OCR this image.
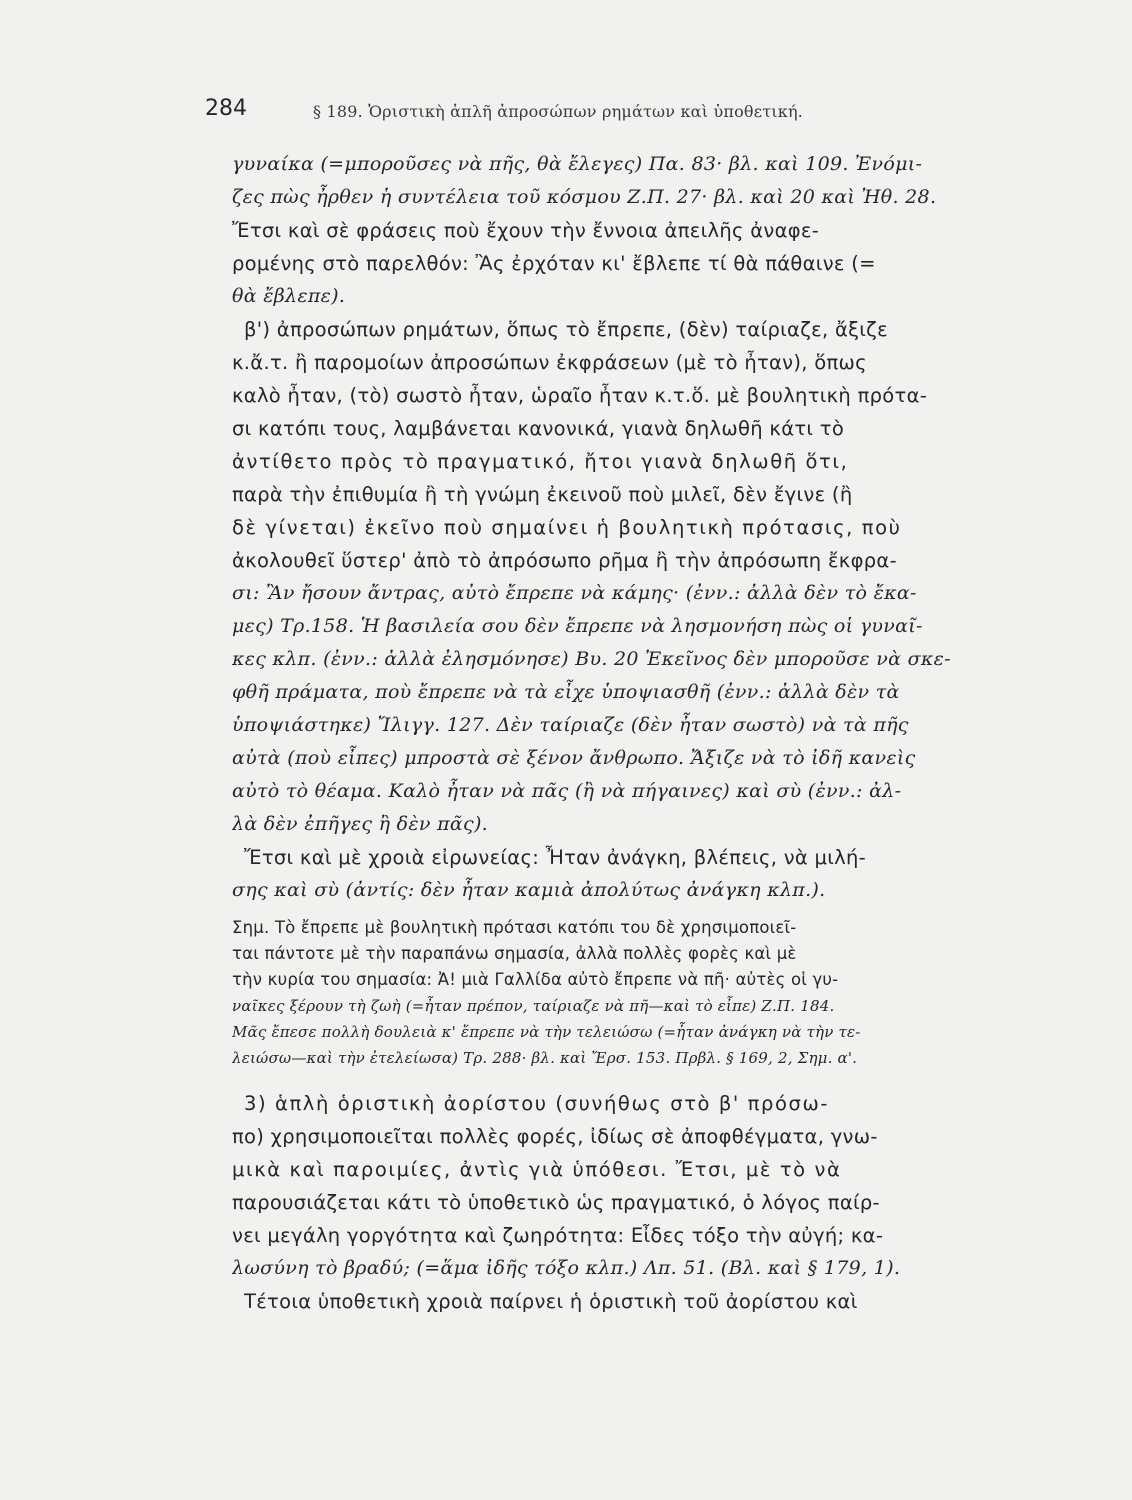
284	§ 189. Ὁριστικὴ ἁπλῆ ἀπροσώπων ρημάτων καὶ ὑποθετική.
γυναίκα (=μποροῦσες νὰ πῆς, θὰ ἔλεγες) Πα. 83· βλ. καὶ 109. Ἐνόμι-
ζες πὼς ἦρθεν ἡ συντέλεια τοῦ κόσμου Ζ.Π. 27· βλ. καὶ 20 καὶ Ἠθ. 28.
Ἔτσι καὶ σὲ φράσεις ποὺ ἔχουν τὴν ἔννοια ἀπειλῆς ἀναφε-
ρομένης στὸ παρελθόν: Ἂς ἐρχόταν κι' ἔβλεπε τί θὰ πάθαινε (=
θὰ ἔβλεπε).
β') ἀπροσώπων ρημάτων, ὅπως τὸ ἔπρεπε, (δὲν) ταίριαζε, ἄξιζε
κ.ἄ.τ. ἢ παρομοίων ἀπροσώπων ἐκφράσεων (μὲ τὸ ἦταν), ὅπως
καλὸ ἦταν, (τὸ) σωστὸ ἦταν, ὡραῖο ἦταν κ.τ.ὅ. μὲ βουλητικὴ πρότα-
σι κατόπι τους, λαμβάνεται κανονικά, γιανὰ δηλωθῆ κάτι τὸ
ἀντίθετο πρὸς τὸ πραγματικό, ἤτοι γιανὰ δηλωθῆ ὅτι,
παρὰ τὴν ἐπιθυμία ἢ τὴ γνώμη ἐκεινοῦ ποὺ μιλεῖ, δὲν ἔγινε (ἢ
δὲ γίνεται) ἐκεῖνο ποὺ σημαίνει ἡ βουλητικὴ πρότασις, ποὺ
ἀκολουθεῖ ὕστερ' ἀπὸ τὸ ἀπρόσωπο ρῆμα ἢ τὴν ἀπρόσωπη ἔκφρα-
σι: Ἂν ἤσουν ἄντρας, αὐτὸ ἔπρεπε νὰ κάμης· (ἐνν.: ἀλλὰ δὲν τὸ ἔκα-
μες) Τρ.158. Ἡ βασιλεία σου δὲν ἔπρεπε νὰ λησμονήση πὼς οἱ γυναῖ-
κες κλπ. (ἐνν.: ἀλλὰ ἐλησμόνησε) Βυ. 20 Ἐκεῖνος δὲν μποροῦσε νὰ σκε-
φθῆ πράματα, ποὺ ἔπρεπε νὰ τὰ εἶχε ὑποψιασθῆ (ἐνν.: ἀλλὰ δὲν τὰ
ὑποψιάστηκε) Ἴλιγγ. 127. Δὲν ταίριαζε (δὲν ἦταν σωστὸ) νὰ τὰ πῆς
αὐτὰ (ποὺ εἶπες) μπροστὰ σὲ ξένον ἄνθρωπο. Ἄξιζε νὰ τὸ ἰδῆ κανεὶς
αὐτὸ τὸ θέαμα. Καλὸ ἦταν νὰ πᾶς (ἢ νὰ πήγαινες) καὶ σὺ (ἐνν.: ἀλ-
λὰ δὲν ἐπῆγες ἢ δὲν πᾶς).
Ἔτσι καὶ μὲ χροιὰ εἰρωνείας: Ἦταν ἀνάγκη, βλέπεις, νὰ μιλή-
σης καὶ σὺ (ἀντίς: δὲν ἦταν καμιὰ ἀπολύτως ἀνάγκη κλπ.).
Σημ. Τὸ ἔπρεπε μὲ βουλητικὴ πρότασι κατόπι του δὲ χρησιμοποιεῖ-
ται πάντοτε μὲ τὴν παραπάνω σημασία, ἀλλὰ πολλὲς φορὲς καὶ μὲ
τὴν κυρία του σημασία: Ἀ! μιὰ Γαλλίδα αὐτὸ ἔπρεπε νὰ πῆ· αὐτὲς οἱ γυ-
ναῖκες ξέρουν τὴ ζωὴ (=ἦταν πρέπον, ταίριαζε νὰ πῆ—καὶ τὸ εἶπε) Ζ.Π. 184.
Μᾶς ἔπεσε πολλὴ δουλειὰ κ' ἔπρεπε νὰ τὴν τελειώσω (=ἦταν ἀνάγκη νὰ τὴν τε-
λειώσω—καὶ τὴν ἐτελείωσα) Τρ. 288· βλ. καὶ Ἔρσ. 153. Πρβλ. § 169, 2, Σημ. α'.
3) ἁπλὴ ὁριστικὴ ἀορίστου (συνήθως στὸ β' πρόσω-
πο) χρησιμοποιεῖται πολλὲς φορές, ἰδίως σὲ ἀποφθέγματα, γνω-
μικὰ καὶ παροιμίες, ἀντὶς γιὰ ὑπόθεσι. Ἔτσι, μὲ τὸ νὰ
παρουσιάζεται κάτι τὸ ὑποθετικὸ ὡς πραγματικό, ὁ λόγος παίρ-
νει μεγάλη γοργότητα καὶ ζωηρότητα: Εἶδες τόξο τὴν αὐγή; κα-
λωσύνη τὸ βραδύ; (=ἅμα ἰδῆς τόξο κλπ.) Λπ. 51. (Βλ. καὶ § 179, 1).
Τέτοια ὑποθετικὴ χροιὰ παίρνει ἡ ὁριστικὴ τοῦ ἀορίστου καὶ
